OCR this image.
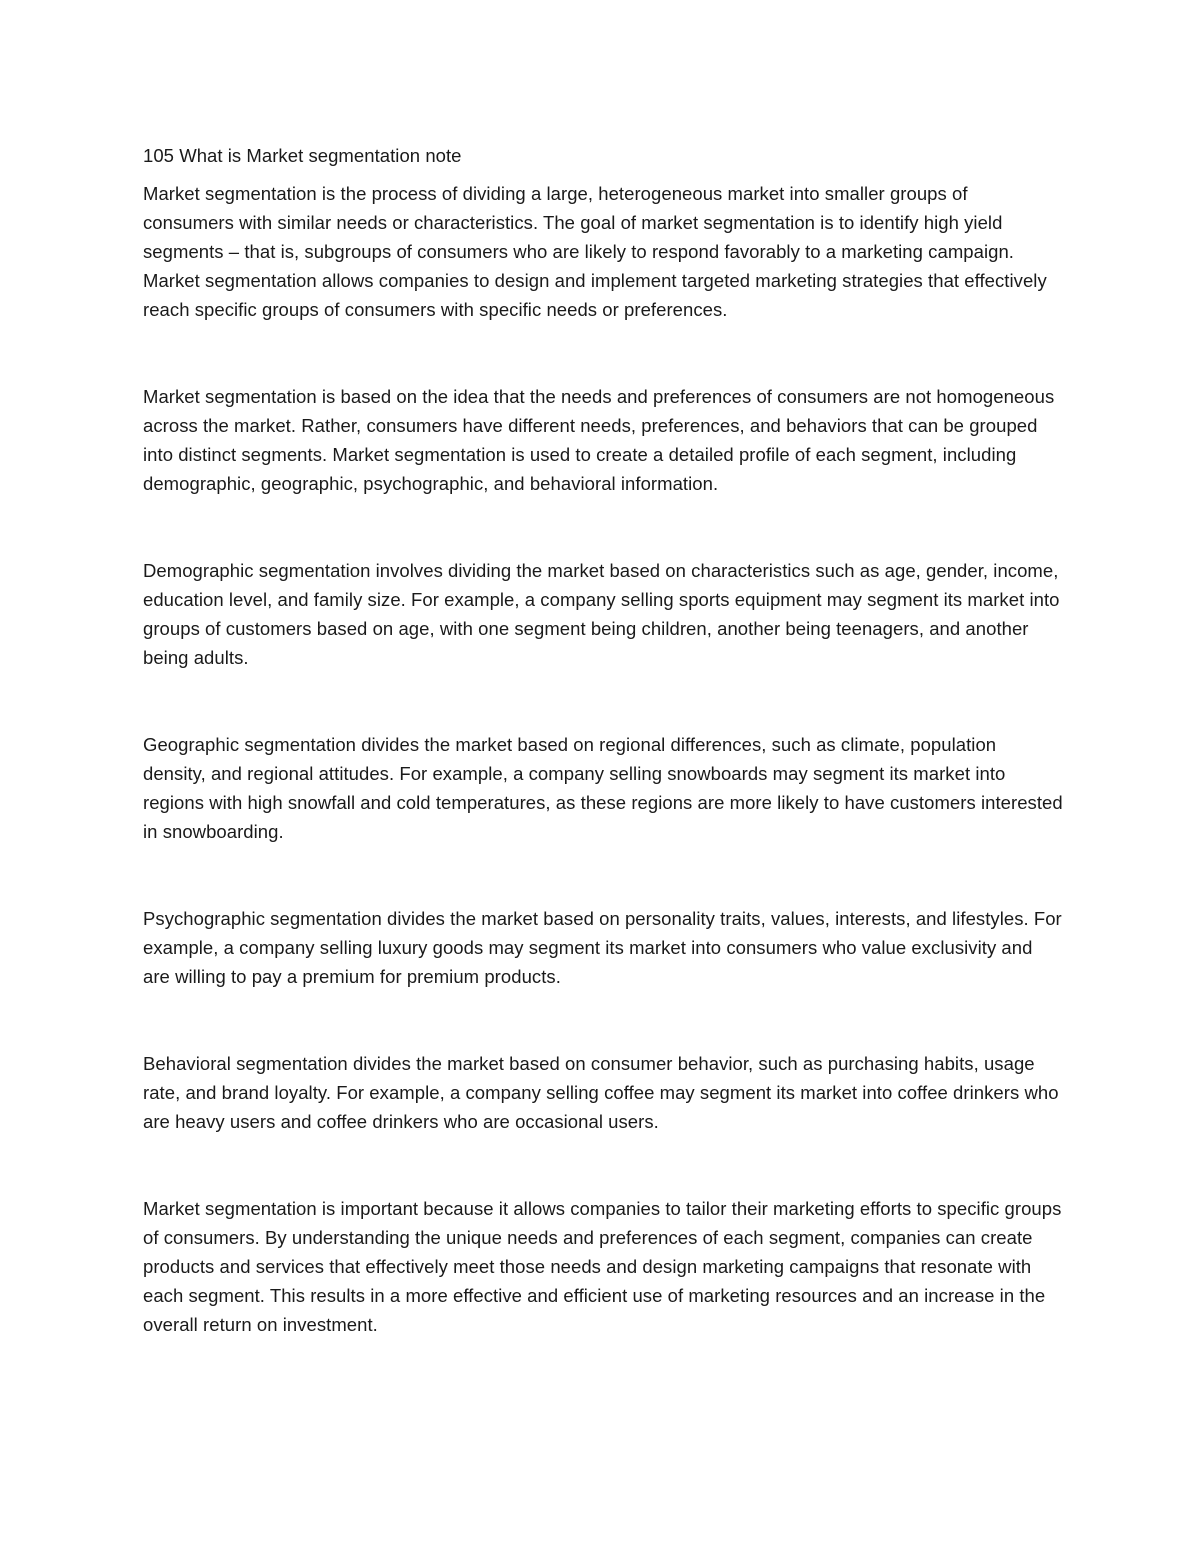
105 What is Market segmentation note

Market segmentation is the process of dividing a large, heterogeneous market into smaller groups of consumers with similar needs or characteristics. The goal of market segmentation is to identify high yield segments – that is, subgroups of consumers who are likely to respond favorably to a marketing campaign. Market segmentation allows companies to design and implement targeted marketing strategies that effectively reach specific groups of consumers with specific needs or preferences.

Market segmentation is based on the idea that the needs and preferences of consumers are not homogeneous across the market. Rather, consumers have different needs, preferences, and behaviors that can be grouped into distinct segments. Market segmentation is used to create a detailed profile of each segment, including demographic, geographic, psychographic, and behavioral information.

Demographic segmentation involves dividing the market based on characteristics such as age, gender, income, education level, and family size. For example, a company selling sports equipment may segment its market into groups of customers based on age, with one segment being children, another being teenagers, and another being adults.

Geographic segmentation divides the market based on regional differences, such as climate, population density, and regional attitudes. For example, a company selling snowboards may segment its market into regions with high snowfall and cold temperatures, as these regions are more likely to have customers interested in snowboarding.

Psychographic segmentation divides the market based on personality traits, values, interests, and lifestyles. For example, a company selling luxury goods may segment its market into consumers who value exclusivity and are willing to pay a premium for premium products.

Behavioral segmentation divides the market based on consumer behavior, such as purchasing habits, usage rate, and brand loyalty. For example, a company selling coffee may segment its market into coffee drinkers who are heavy users and coffee drinkers who are occasional users.

Market segmentation is important because it allows companies to tailor their marketing efforts to specific groups of consumers. By understanding the unique needs and preferences of each segment, companies can create products and services that effectively meet those needs and design marketing campaigns that resonate with each segment. This results in a more effective and efficient use of marketing resources and an increase in the overall return on investment.
